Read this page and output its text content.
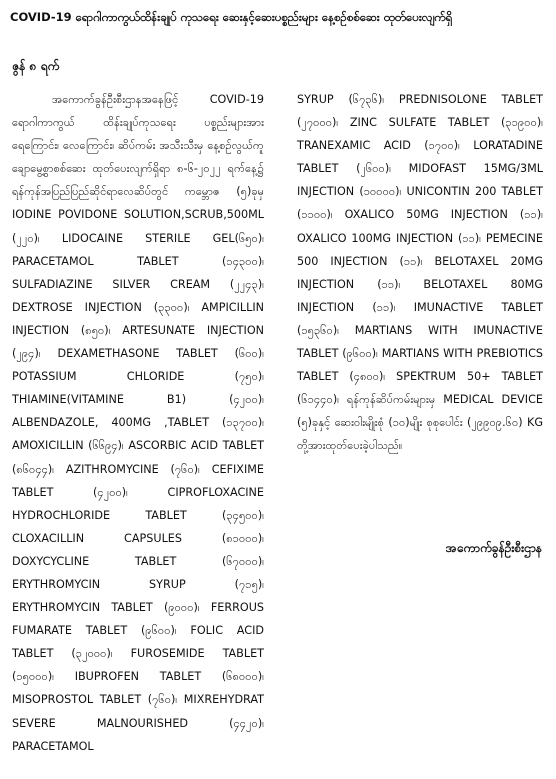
COVID-19 ရောဂါကာကွယ်ထိန်းချုပ် ကုသရေး ဆေးနှင့်ဆေးပစ္စည်းများ နေ့စဉ်စစ်ဆေး ထုတ်ပေးလျက်ရှိ
ဇွန် ၈ ရက်

အကောက်ခွန်ဦးစီးဌာနအနေဖြင့် COVID-19 ရောဂါကာကွယ် ထိန်းချုပ်ကုသရေး ပစ္စည်းများအား ရေကြောင်း၊ လေကြောင်း၊ ဆိပ်ကမ်း အသီးသီးမှ နေ့စဉ်လွယ်ကူချောမွေ့စွာစစ်ဆေး ထုတ်ပေးလျက်ရှိရာ ၈-၆-၂၀၂၂ ရက်နေ့၌ ရန်ကုန်အပြည်ပြည်ဆိုင်ရာလေဆိပ်တွင် ကမ္ဘောဇ (၅)ခုမှ IODINE POVIDONE SOLUTION,SCRUB,500ML (၂၂၀)၊ LIDOCAINE STERILE GEL(၆၅၀)၊ PARACETAMOL TABLET (၁၄၃၀၀)၊ SULFADIAZINE SILVER CREAM (၂၂၄၃)၊ DEXTROSE INJECTION (၃၃၀၀)၊ AMPICILLIN INJECTION (၈၅၀)၊ ARTESUNATE INJECTION (၂၉၄)၊ DEXAMETHASONE TABLET (၆၀၀)၊ POTASSIUM CHLORIDE (၇၅၀)၊ THIAMINE(VITAMINE B1) (၄၂၀၀)၊ ALBENDAZOLE, 400MG ,TABLET (၁၃၇၀၀)၊ AMOXICILLIN (၆၆၉၄)၊ ASCORBIC ACID TABLET (၈၆၀၄၄)၊ AZITHROMYCINE (၇၆၀)၊ CEFIXIME TABLET (၄၂၀၀)၊ CIPROFLOXACINE HYDROCHLORIDE TABLET (၃၄၅၀၀)၊ CLOXACILLIN CAPSULES (၈၁၀၀၀)၊ DOXYCYCLINE TABLET (၆၇၀၀၀)၊ ERYTHROMYCIN SYRUP (၇၁၅)၊ ERYTHROMYCIN TABLET (၉၀၀၀)၊ FERROUS FUMARATE TABLET (၉၆၀၀)၊ FOLIC ACID TABLET (၃၂၀၀၀)၊ FUROSEMIDE TABLET (၁၅၀၀၀)၊ IBUPROFEN TABLET (၆၈၀၀၀)၊ MISOPROSTOL TABLET (၇၆၀)၊ MIXREHYDRAT SEVERE MALNOURISHED (၄၄၂၀)၊ PARACETAMOL

SYRUP (၆၇၃၆)၊ PREDNISOLONE TABLET (၂၇၀၀၀)၊ ZINC SULFATE TABLET (၃၁၉၀၀)၊ TRANEXAMIC ACID (၁၇၀၀)၊ LORATADINE TABLET (၂၆၀၀)၊ MIDOFAST 15MG/3ML INJECTION (၁၀၀၀၀)၊ UNICONTIN 200 TABLET (၁၁၀၀)၊ OXALICO 50MG INJECTION (၁၁)၊ OXALICO 100MG INJECTION (၁၁)၊ PEMECINE 500 INJECTION (၁၁)၊ BELOTAXEL 20MG INJECTION (၁၁)၊ BELOTAXEL 80MG INJECTION (၁၁)၊ IMUNACTIVE TABLET (၁၅၃၆၀)၊ MARTIANS WITH IMUNACTIVE TABLET (၉၆၀၀)၊ MARTIANS WITH PREBIOTICS TABLET (၄၈၀၀)၊ SPEKTRUM 50+ TABLET (၆၁၄၄၀)၊ ရန်ကုန်ဆိပ်ကမ်းများမှ MEDICAL DEVICE (၅)ခုနှင့် ဆေးဝါးမျိုးစုံ (၁၀)မျိုး စုစုပေါင်း (၂၉၉၀၉.၆၀) KG တို့အားထုတ်ပေးခဲ့ပါသည်။

အကောက်ခွန်ဦးစီးဌာန
